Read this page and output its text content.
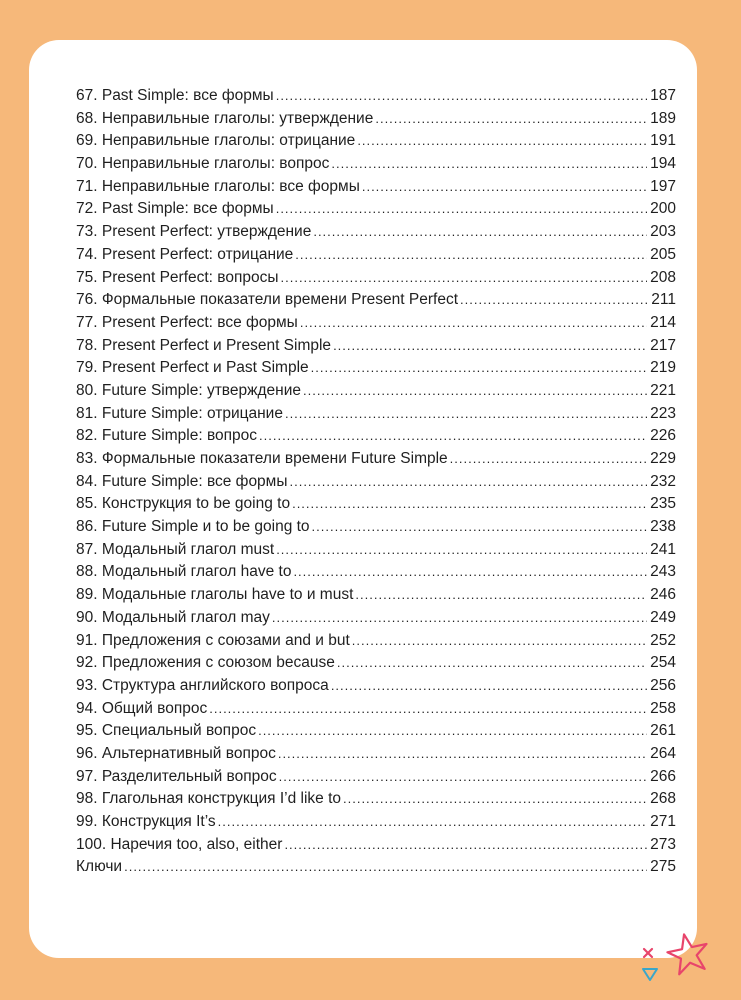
67. Past Simple: все формы .....	187
68. Неправильные глаголы: утверждение .....	189
69. Неправильные глаголы: отрицание .....	191
70. Неправильные глаголы: вопрос .....	194
71. Неправильные глаголы: все формы .....	197
72. Past Simple: все формы .....	200
73. Present Perfect: утверждение .....	203
74. Present Perfect: отрицание .....	205
75. Present Perfect: вопросы .....	208
76. Формальные показатели времени Present Perfect .....	211
77. Present Perfect: все формы .....	214
78. Present Perfect и Present Simple .....	217
79. Present Perfect и Past Simple .....	219
80. Future Simple: утверждение .....	221
81. Future Simple: отрицание .....	223
82. Future Simple: вопрос .....	226
83. Формальные показатели времени Future Simple .....	229
84. Future Simple: все формы .....	232
85. Конструкция to be going to .....	235
86. Future Simple и to be going to .....	238
87. Модальный глагол must .....	241
88. Модальный глагол have to .....	243
89. Модальные глаголы have to и must .....	246
90. Модальный глагол may .....	249
91. Предложения с союзами and и but .....	252
92. Предложения с союзом because .....	254
93. Структура английского вопроса .....	256
94. Общий вопрос .....	258
95. Специальный вопрос .....	261
96. Альтернативный вопрос .....	264
97. Разделительный вопрос .....	266
98. Глагольная конструкция I’d like to .....	268
99. Конструкция It’s .....	271
100. Наречия too, also, either .....	273
Ключи .....	275
